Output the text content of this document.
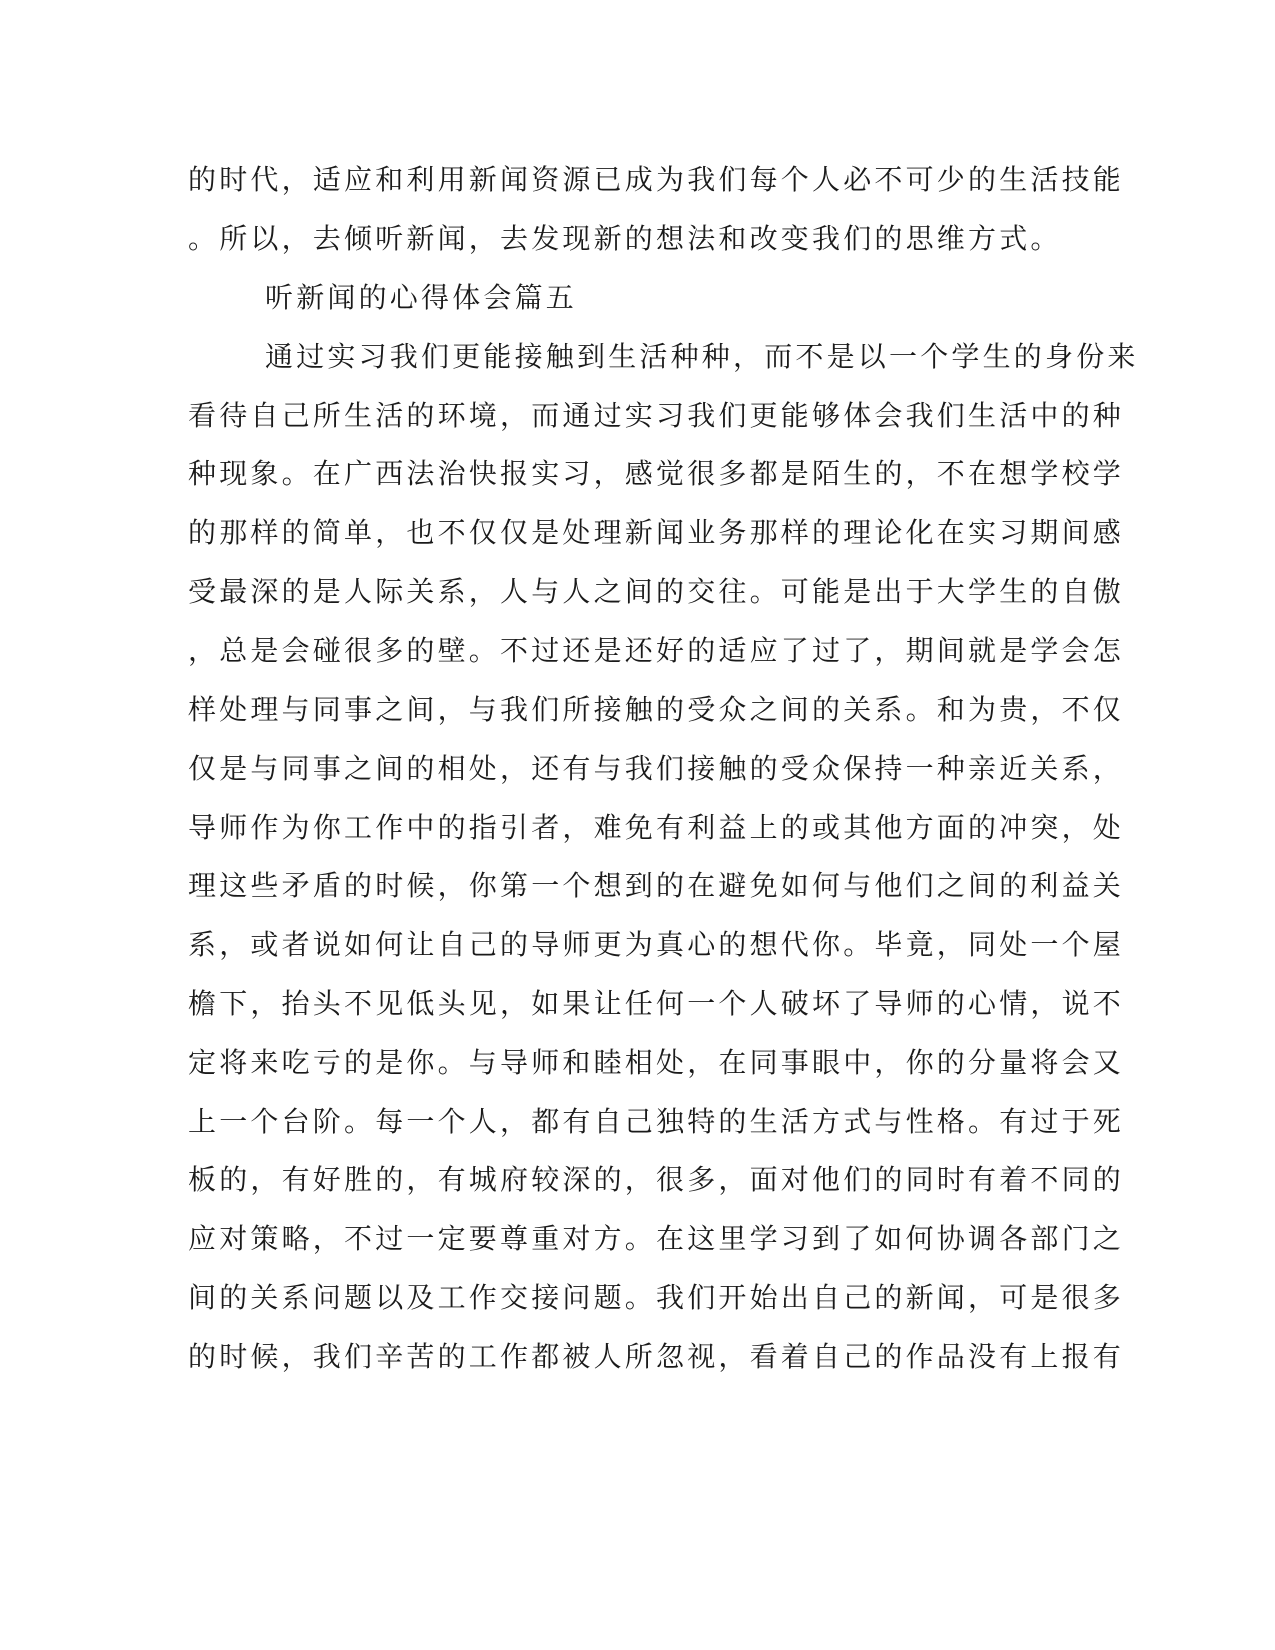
的时代，适应和利用新闻资源已成为我们每个人必不可少的生活技能
。所以，去倾听新闻，去发现新的想法和改变我们的思维方式。
听新闻的心得体会篇五
通过实习我们更能接触到生活种种，而不是以一个学生的身份来
看待自己所生活的环境，而通过实习我们更能够体会我们生活中的种
种现象。在广西法治快报实习，感觉很多都是陌生的，不在想学校学
的那样的简单，也不仅仅是处理新闻业务那样的理论化在实习期间感
受最深的是人际关系，人与人之间的交往。可能是出于大学生的自傲
，总是会碰很多的壁。不过还是还好的适应了过了，期间就是学会怎
样处理与同事之间，与我们所接触的受众之间的关系。和为贵，不仅
仅是与同事之间的相处，还有与我们接触的受众保持一种亲近关系，
导师作为你工作中的指引者，难免有利益上的或其他方面的冲突，处
理这些矛盾的时候，你第一个想到的在避免如何与他们之间的利益关
系，或者说如何让自己的导师更为真心的想代你。毕竟，同处一个屋
檐下，抬头不见低头见，如果让任何一个人破坏了导师的心情，说不
定将来吃亏的是你。与导师和睦相处，在同事眼中，你的分量将会又
上一个台阶。每一个人，都有自己独特的生活方式与性格。有过于死
板的，有好胜的，有城府较深的，很多，面对他们的同时有着不同的
应对策略，不过一定要尊重对方。在这里学习到了如何协调各部门之
间的关系问题以及工作交接问题。我们开始出自己的新闻，可是很多
的时候，我们辛苦的工作都被人所忽视，看着自己的作品没有上报有
